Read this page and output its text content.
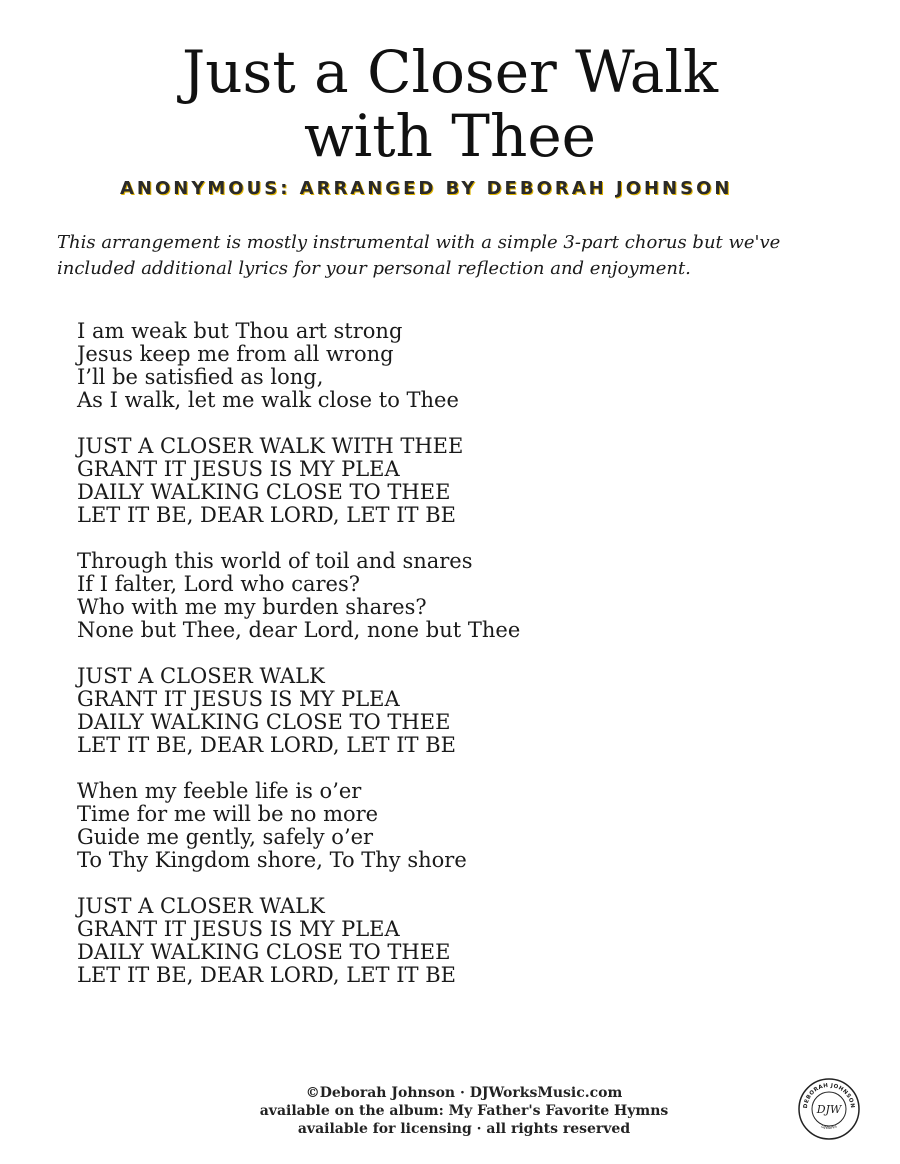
Just a Closer Walk
with Thee
ANONYMOUS: ARRANGED BY DEBORAH JOHNSON
This arrangement is mostly instrumental with a simple 3-part chorus but we've
included additional lyrics for your personal reflection and enjoyment.
I am weak but Thou art strong
Jesus keep me from all wrong
I’ll be satisfied as long,
As I walk, let me walk close to Thee
JUST A CLOSER WALK WITH THEE
GRANT IT JESUS IS MY PLEA
DAILY WALKING CLOSE TO THEE
LET IT BE, DEAR LORD, LET IT BE
Through this world of toil and snares
If I falter, Lord who cares?
Who with me my burden shares?
None but Thee, dear Lord, none but Thee
JUST A CLOSER WALK
GRANT IT JESUS IS MY PLEA
DAILY WALKING CLOSE TO THEE
LET IT BE, DEAR LORD, LET IT BE
When my feeble life is o’er
Time for me will be no more
Guide me gently, safely o’er
To Thy Kingdom shore, To Thy shore
JUST A CLOSER WALK
GRANT IT JESUS IS MY PLEA
DAILY WALKING CLOSE TO THEE
LET IT BE, DEAR LORD, LET IT BE
©Deborah Johnson · DJWorksMusic.com
available on the album: My Father's Favorite Hymns
available for licensing · all rights reserved
DEBORAH JOHNSON
DJWorks
DJW
